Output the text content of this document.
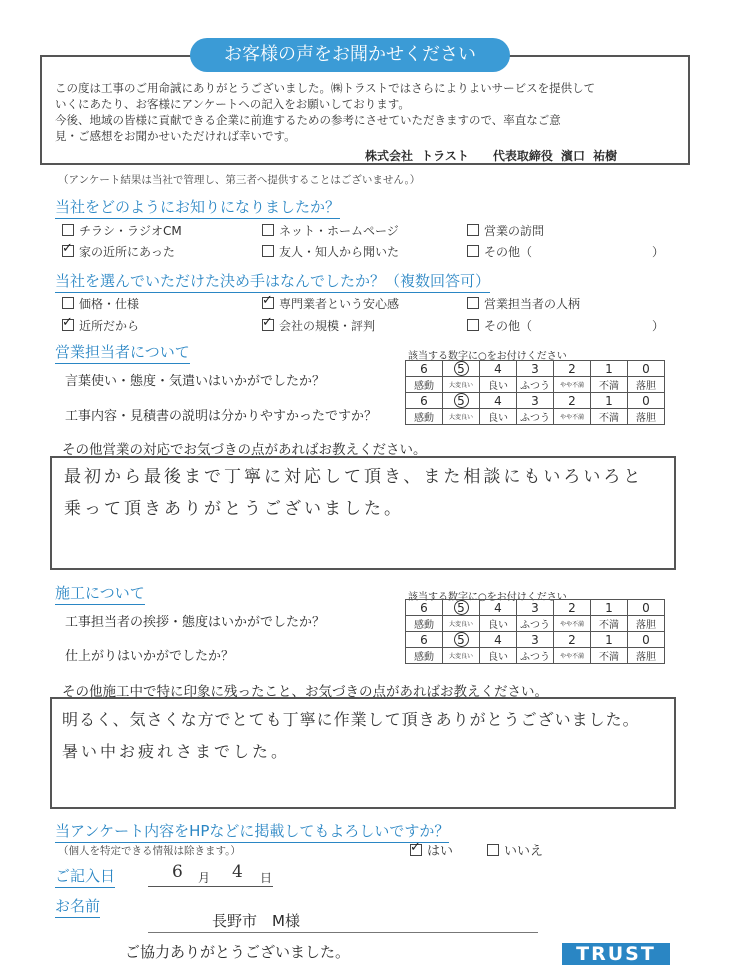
お客様の声をお聞かせください
この度は工事のご用命誠にありがとうございました。㈱トラストではさらによりよいサービスを提供して
いくにあたり、お客様にアンケートへの記入をお願いしております。
今後、地域の皆様に貢献できる企業に前進するための参考にさせていただきますので、率直なご意
見・ご感想をお聞かせいただければ幸いです。
株式会社 トラスト　　代表取締役 濱口 祐樹
（アンケート結果は当社で管理し、第三者へ提供することはございません。）
当社をどのようにお知りになりましたか？
チラシ・ラジオCM	ネット・ホームページ	営業の訪問
✓家の近所にあった	友人・知人から聞いた	その他（　　　　　　　　　　）
当社を選んでいただけた決め手はなんでしたか？（複数回答可）
価格・仕様 ✓	専門業者という安心感	営業担当者の人柄
✓近所だから ✓	会社の規模・評判	その他（　　　　　　　　　　）
営業担当者について	該当する数字に○をお付けください
言葉使い・態度・気遣いはいかがでしたか？
工事内容・見積書の説明は分かりやすかったですか？
6	5	4	3	2	1	0
感動	大変良い	良い	ふつう	やや不満	不満	落胆
6	5	4	3	2	1	0
感動	大変良い	良い	ふつう	やや不満	不満	落胆
その他営業の対応でお気づきの点があればお教えください。
最初から最後まで丁寧に対応して頂き、また相談にもいろいろと
乗って頂きありがとうございました。
施工について	該当する数字に○をお付けください
工事担当者の挨拶・態度はいかがでしたか？
仕上がりはいかがでしたか？
6	5	4	3	2	1	0
感動	大変良い	良い	ふつう	やや不満	不満	落胆
6	5	4	3	2	1	0
感動	大変良い	良い	ふつう	やや不満	不満	落胆
その他施工中で特に印象に残ったこと、お気づきの点があればお教えください。
明るく、気さくな方でとても丁寧に作業して頂きありがとうございました。
暑い中お疲れさまでした。
当アンケート内容をHPなどに掲載してもよろしいですか？
（個人を特定できる情報は除きます。） ✓	はい	いいえ
ご記入日	6 月 4 日
お名前
長野市　M様
ご協力ありがとうございました。	TRUST
